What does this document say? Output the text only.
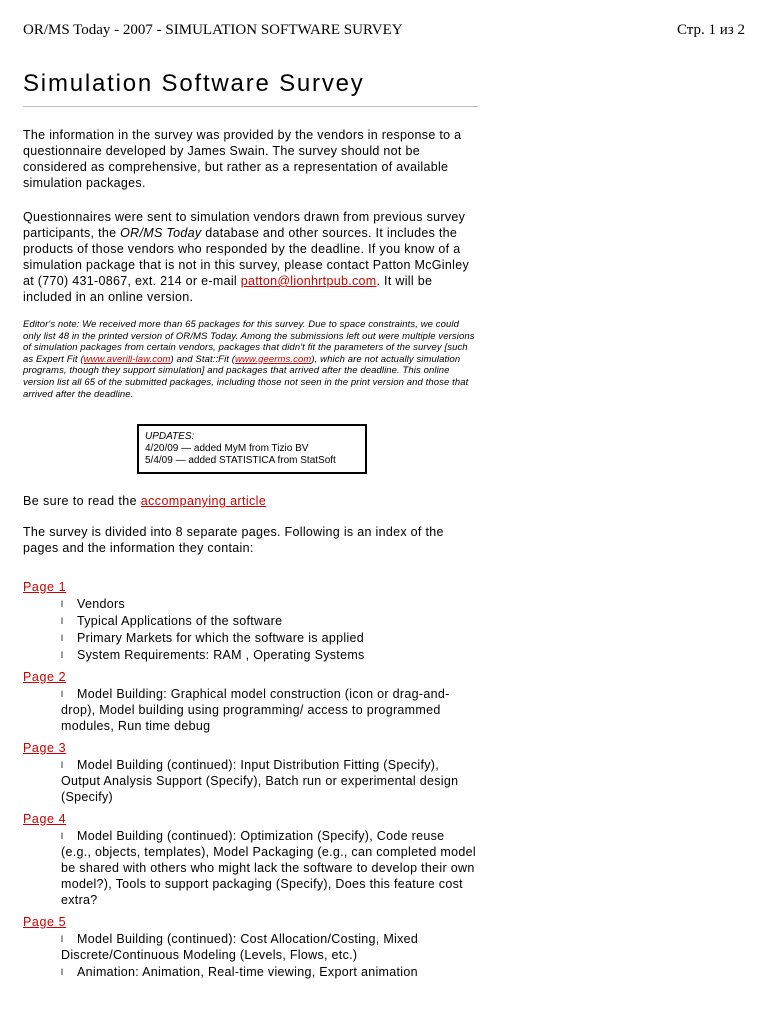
OR/MS Today - 2007 - SIMULATION SOFTWARE SURVEY	Стр. 1 из 2
Simulation Software Survey

The information in the survey was provided by the vendors in response to a questionnaire developed by James Swain. The survey should not be considered as comprehensive, but rather as a representation of available simulation packages.

Questionnaires were sent to simulation vendors drawn from previous survey participants, the OR/MS Today database and other sources. It includes the products of those vendors who responded by the deadline. If you know of a simulation package that is not in this survey, please contact Patton McGinley at (770) 431-0867, ext. 214 or e-mail patton@lionhrtpub.com. It will be included in an online version.

Editor's note: We received more than 65 packages for this survey. Due to space constraints, we could only list 48 in the printed version of OR/MS Today. Among the submissions left out were multiple versions of simulation packages from certain vendors, packages that didn't fit the parameters of the survey [such as Expert Fit (www.averill-law.com) and Stat::Fit (www.geerms.com), which are not actually simulation programs, though they support simulation] and packages that arrived after the deadline. This online version list all 65 of the submitted packages, including those not seen in the print version and those that arrived after the deadline.

UPDATES:
4/20/09 — added MyM from Tizio BV
5/4/09 — added STATISTICA from StatSoft
Be sure to read the accompanying article

The survey is divided into 8 separate pages. Following is an index of the pages and the information they contain:

Page 1
l Vendors
l Typical Applications of the software
l Primary Markets for which the software is applied
l System Requirements: RAM , Operating Systems
Page 2
l Model Building: Graphical model construction (icon or drag-and-drop), Model building using programming/ access to programmed modules, Run time debug
Page 3
l Model Building (continued): Input Distribution Fitting (Specify), Output Analysis Support (Specify), Batch run or experimental design (Specify)
Page 4
l Model Building (continued): Optimization (Specify), Code reuse (e.g., objects, templates), Model Packaging (e.g., can completed model be shared with others who might lack the software to develop their own model?), Tools to support packaging (Specify), Does this feature cost extra?
Page 5
l Model Building (continued): Cost Allocation/Costing, Mixed Discrete/Continuous Modeling (Levels, Flows, etc.)
l Animation: Animation, Real-time viewing, Export animation
